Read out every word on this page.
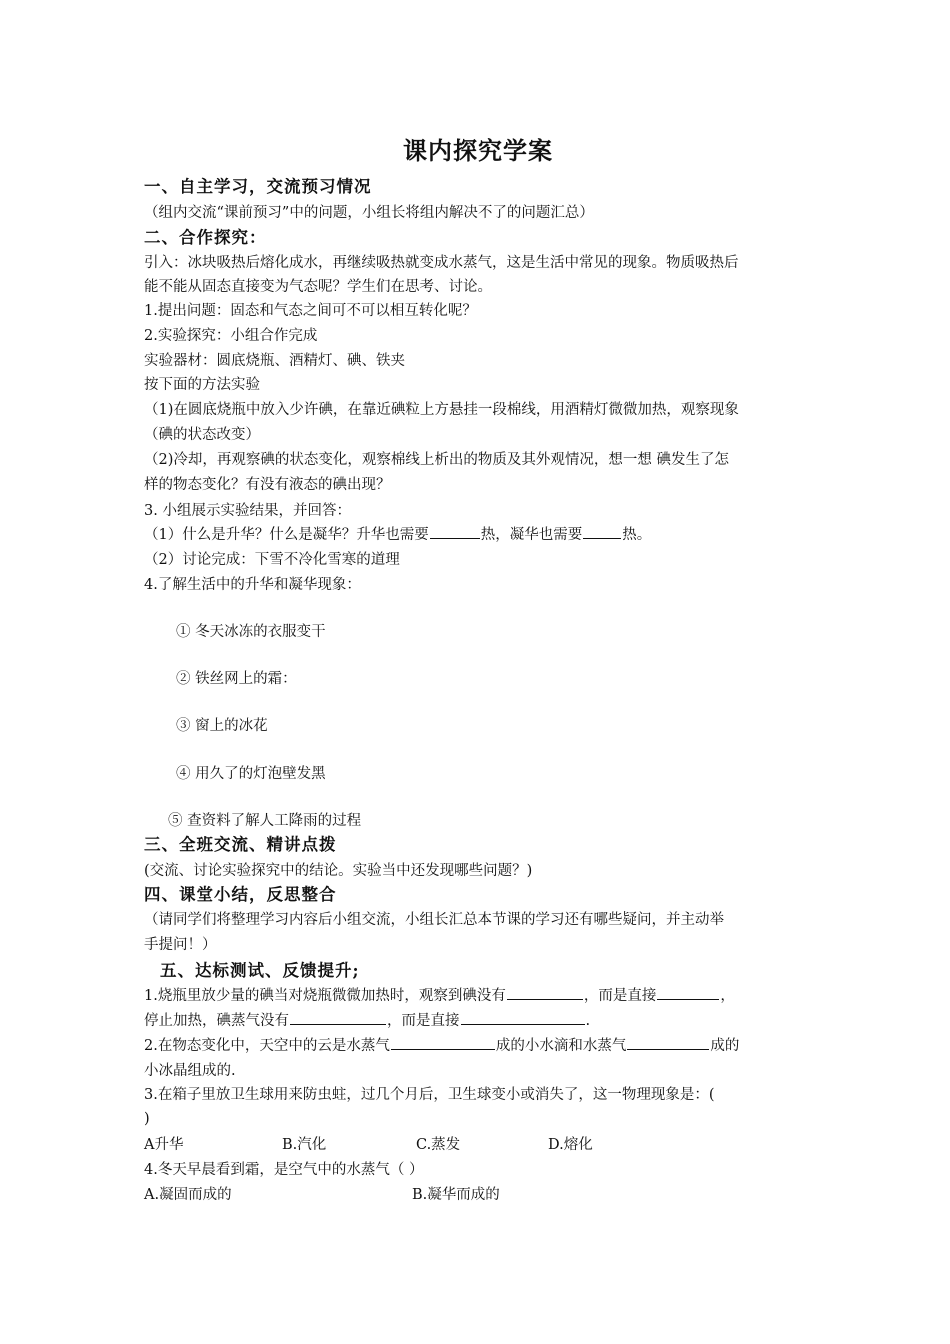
课内探究学案
一、自主学习，交流预习情况
（组内交流“课前预习”中的问题，小组长将组内解决不了的问题汇总）
二、合作探究：
引入：冰块吸热后熔化成水，再继续吸热就变成水蒸气，这是生活中常见的现象。物质吸热后
能不能从固态直接变为气态呢？学生们在思考、讨论。
1.提出问题：固态和气态之间可不可以相互转化呢？
2.实验探究：小组合作完成
实验器材：圆底烧瓶、酒精灯、碘、铁夹
按下面的方法实验
（1)在圆底烧瓶中放入少许碘，在靠近碘粒上方悬挂一段棉线，用酒精灯微微加热，观察现象
（碘的状态改变）
（2)冷却，再观察碘的状态变化，观察棉线上析出的物质及其外观情况，想一想 碘发生了怎
样的物态变化？有没有液态的碘出现？
3. 小组展示实验结果，并回答：
（1）什么是升华？什么是凝华？升华也需要	热，凝华也需要	热。
（2）讨论完成：下雪不冷化雪寒的道理
4.了解生活中的升华和凝华现象：
① 冬天冰冻的衣服变干
② 铁丝网上的霜：
③ 窗上的冰花
④ 用久了的灯泡壁发黑
⑤ 查资料了解人工降雨的过程
三、全班交流、精讲点拨
(交流、讨论实验探究中的结论。实验当中还发现哪些问题？)
四、课堂小结，反思整合
（请同学们将整理学习内容后小组交流，小组长汇总本节课的学习还有哪些疑问，并主动举
手提问！）
五、达标测试、反馈提升;
1.烧瓶里放少量的碘当对烧瓶微微加热时，观察到碘没有	，而是直接	，
停止加热，碘蒸气没有	，而是直接	.
2.在物态变化中，天空中的云是水蒸气	成的小水滴和水蒸气	成的
小冰晶组成的.
3.在箱子里放卫生球用来防虫蛀，过几个月后，卫生球变小或消失了，这一物理现象是：(
)
A升华	B.汽化	C.蒸发	D.熔化
4.冬天早晨看到霜，是空气中的水蒸气（ ）
A.凝固而成的	B.凝华而成的
